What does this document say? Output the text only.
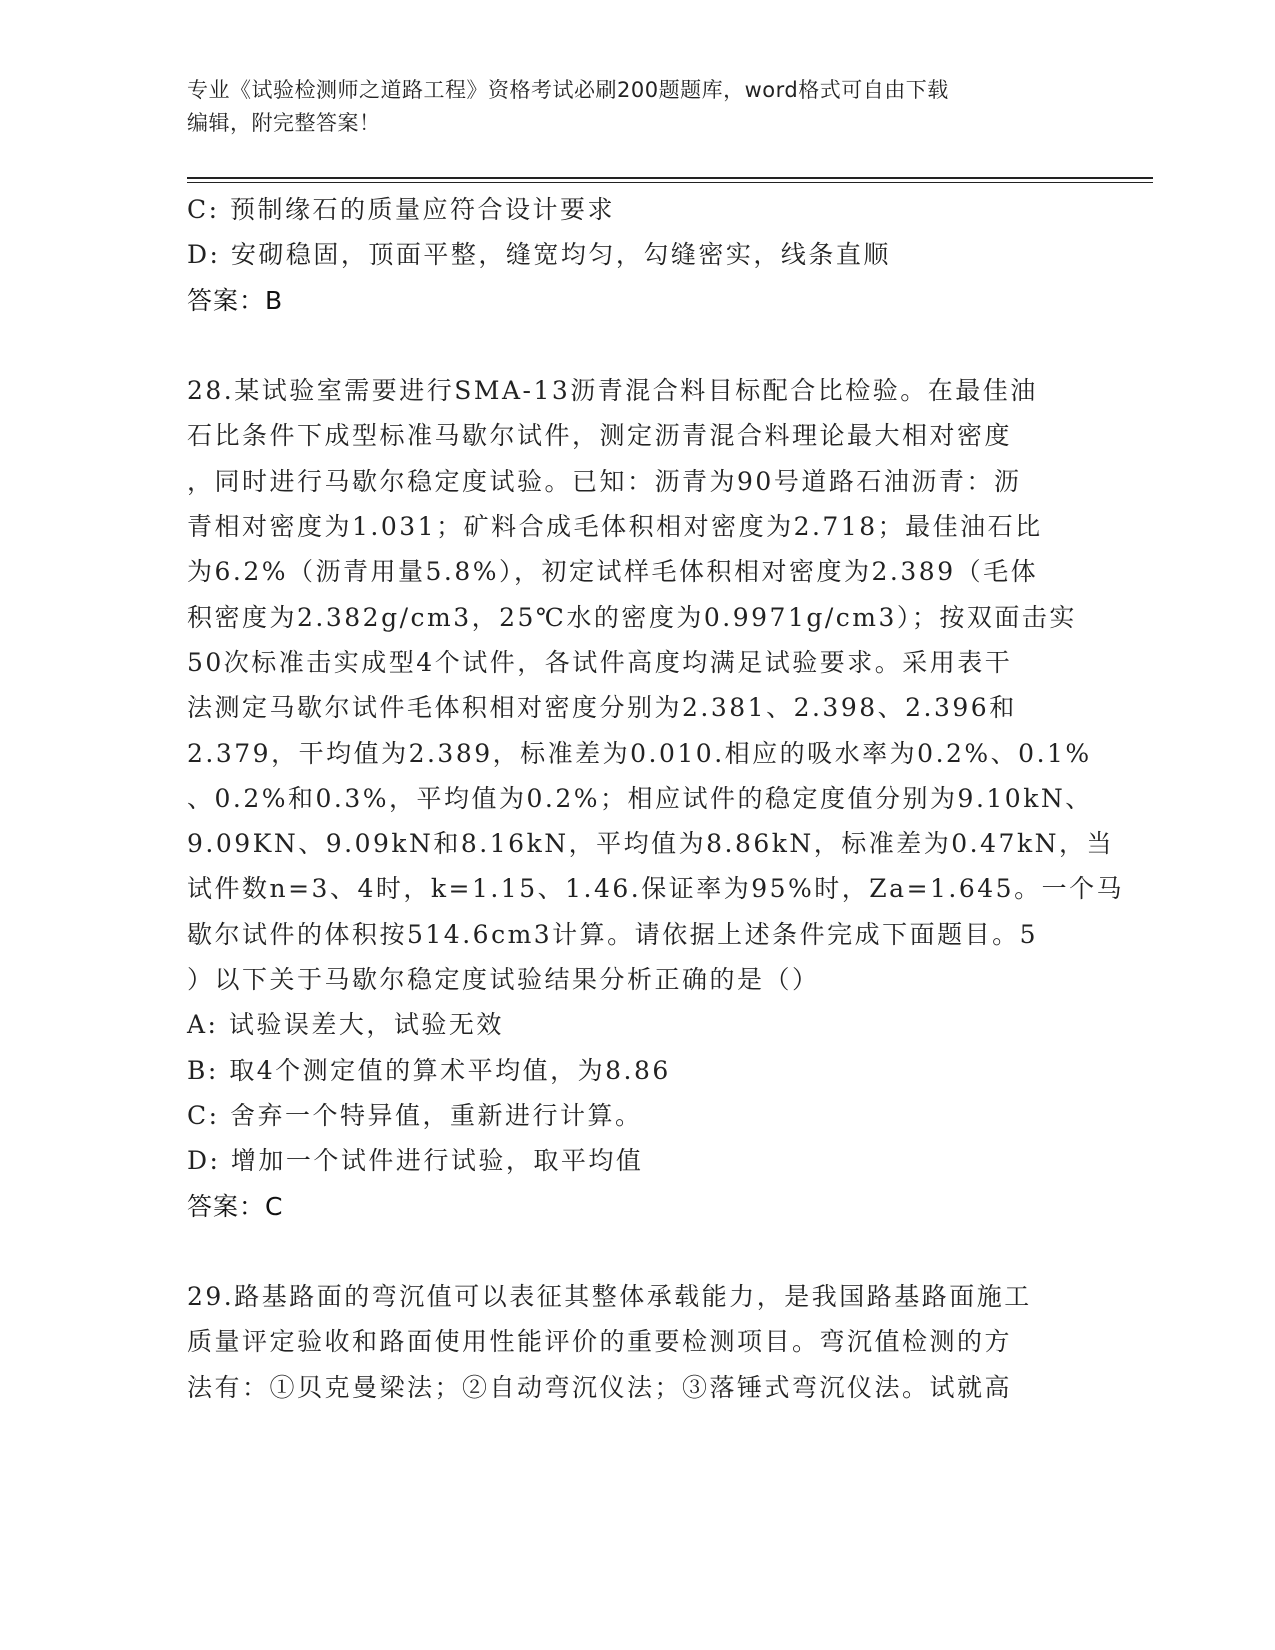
专业《试验检测师之道路工程》资格考试必刷200题题库，word格式可自由下载
编辑，附完整答案！
C: 预制缘石的质量应符合设计要求
D: 安砌稳固，顶面平整，缝宽均匀，勾缝密实，线条直顺
答案：B
28.某试验室需要进行SMA-13沥青混合料目标配合比检验。在最佳油
石比条件下成型标准马歇尔试件，测定沥青混合料理论最大相对密度
，同时进行马歇尔稳定度试验。已知：沥青为90号道路石油沥青：沥
青相对密度为1.031；矿料合成毛体积相对密度为2.718；最佳油石比
为6.2%（沥青用量5.8%），初定试样毛体积相对密度为2.389（毛体
积密度为2.382g/cm3，25℃水的密度为0.9971g/cm3）；按双面击实
50次标准击实成型4个试件，各试件高度均满足试验要求。采用表干
法测定马歇尔试件毛体积相对密度分别为2.381、2.398、2.396和
2.379，干均值为2.389，标准差为0.010.相应的吸水率为0.2%、0.1%
、0.2%和0.3%，平均值为0.2%；相应试件的稳定度值分别为9.10kN、
9.09KN、9.09kN和8.16kN，平均值为8.86kN，标准差为0.47kN，当
试件数n=3、4时，k=1.15、1.46.保证率为95%时，Za=1.645。一个马
歇尔试件的体积按514.6cm3计算。请依据上述条件完成下面题目。5
）以下关于马歇尔稳定度试验结果分析正确的是（）
A: 试验误差大，试验无效
B: 取4个测定值的算术平均值，为8.86
C: 舍弃一个特异值，重新进行计算。
D: 增加一个试件进行试验，取平均值
答案：C
29.路基路面的弯沉值可以表征其整体承载能力，是我国路基路面施工
质量评定验收和路面使用性能评价的重要检测项目。弯沉值检测的方
法有：①贝克曼梁法；②自动弯沉仪法；③落锤式弯沉仪法。试就高
